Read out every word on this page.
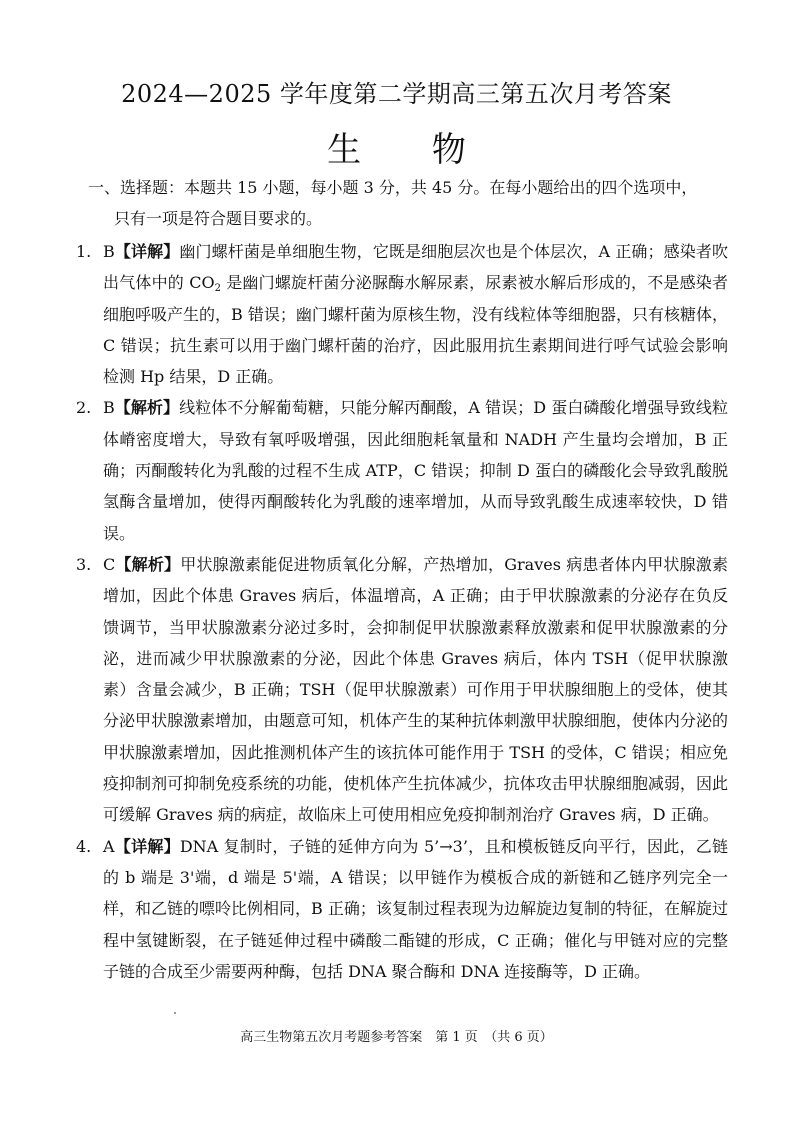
2024—2025 学年度第二学期高三第五次月考答案
生 物
一、选择题：本题共 15 小题，每小题 3 分，共 45 分。在每小题给出的四个选项中，
只有一项是符合题目要求的。
1. B【详解】幽门螺杆菌是单细胞生物，它既是细胞层次也是个体层次，A 正确；感染者吹出气体中的 $CO_2$ 是幽门螺旋杆菌分泌脲酶水解尿素，尿素被水解后形成的，不是感染者细胞呼吸产生的，B 错误；幽门螺杆菌为原核生物，没有线粒体等细胞器，只有核糖体，C 错误；抗生素可以用于幽门螺杆菌的治疗，因此服用抗生素期间进行呼气试验会影响检测 Hp 结果，D 正确。
2. B【解析】线粒体不分解葡萄糖，只能分解丙酮酸，A 错误；D 蛋白磷酸化增强导致线粒体嵴密度增大，导致有氧呼吸增强，因此细胞耗氧量和 NADH 产生量均会增加，B 正确；丙酮酸转化为乳酸的过程不生成 ATP，C 错误；抑制 D 蛋白的磷酸化会导致乳酸脱氢酶含量增加，使得丙酮酸转化为乳酸的速率增加，从而导致乳酸生成速率较快，D 错误。
3. C【解析】甲状腺激素能促进物质氧化分解，产热增加，Graves 病患者体内甲状腺激素增加，因此个体患 Graves 病后，体温增高，A 正确；由于甲状腺激素的分泌存在负反馈调节，当甲状腺激素分泌过多时，会抑制促甲状腺激素释放激素和促甲状腺激素的分泌，进而减少甲状腺激素的分泌，因此个体患 Graves 病后，体内 TSH（促甲状腺激素）含量会减少，B 正确；TSH（促甲状腺激素）可作用于甲状腺细胞上的受体，使其分泌甲状腺激素增加，由题意可知，机体产生的某种抗体刺激甲状腺细胞，使体内分泌的甲状腺激素增加，因此推测机体产生的该抗体可能作用于 TSH 的受体，C 错误；相应免疫抑制剂可抑制免疫系统的功能，使机体产生抗体减少，抗体攻击甲状腺细胞减弱，因此可缓解 Graves 病的病症，故临床上可使用相应免疫抑制剂治疗 Graves 病，D 正确。
4. A【详解】DNA 复制时，子链的延伸方向为 5’→3’，且和模板链反向平行，因此，乙链的 b 端是 3'端，d 端是 5'端，A 错误；以甲链作为模板合成的新链和乙链序列完全一样，和乙链的嘌呤比例相同，B 正确；该复制过程表现为边解旋边复制的特征，在解旋过程中氢键断裂，在子链延伸过程中磷酸二酯键的形成，C 正确；催化与甲链对应的完整子链的合成至少需要两种酶，包括 DNA 聚合酶和 DNA 连接酶等，D 正确。
高三生物第五次月考题参考答案　第 1 页　（共 6 页）
